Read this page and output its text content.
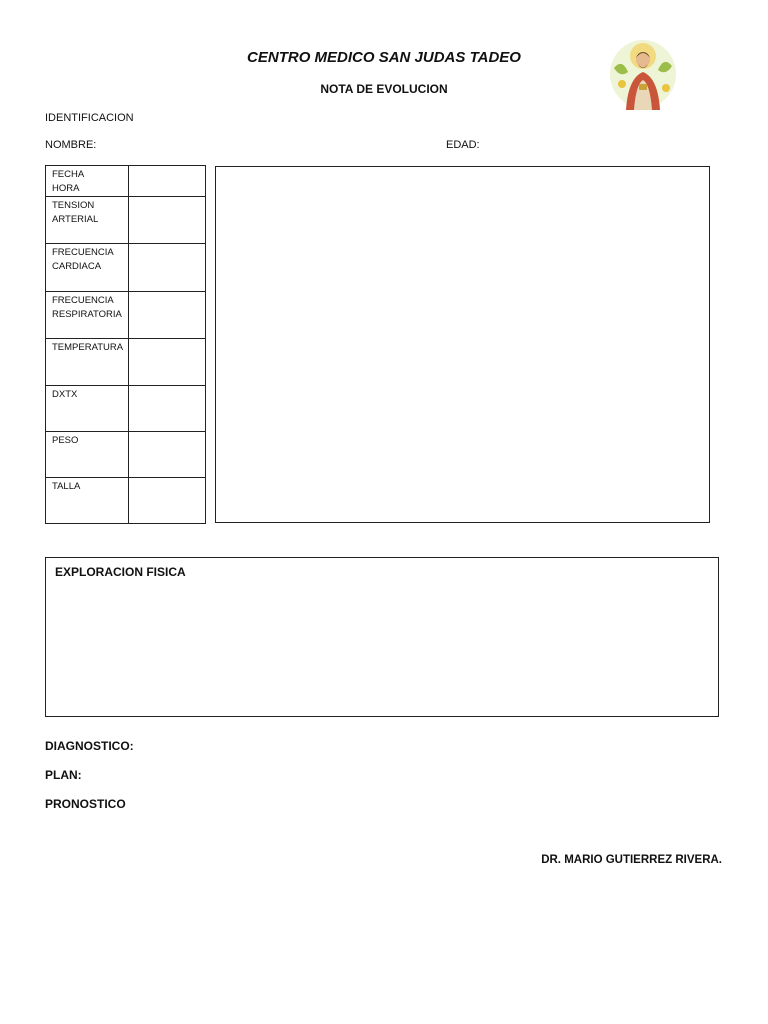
CENTRO MEDICO SAN JUDAS TADEO
NOTA DE EVOLUCION
IDENTIFICACION
NOMBRE:	EDAD:
FECHA
HORA	

TENSION
ARTERIAL	

FRECUENCIA
CARDIACA	

FRECUENCIA
RESPIRATORIA	

TEMPERATURA	

DXTX	

PESO	

TALLA	

EXPLORACION FISICA
DIAGNOSTICO:
PLAN:
PRONOSTICO
DR. MARIO GUTIERREZ RIVERA.
